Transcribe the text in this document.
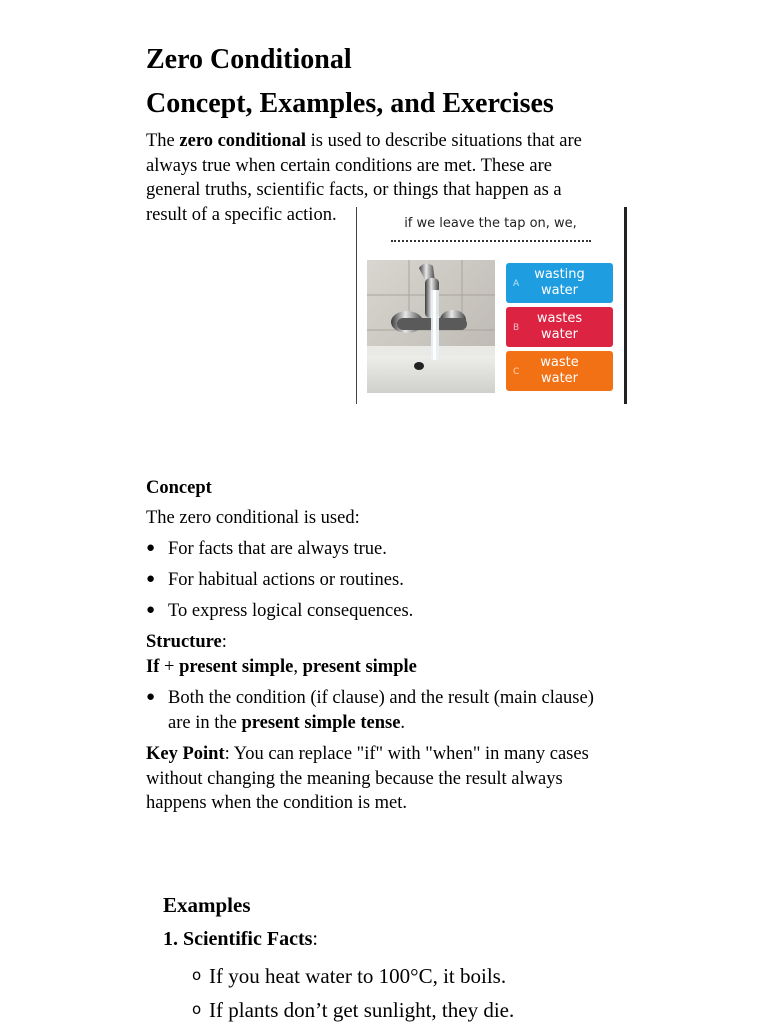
Zero Conditional
Concept, Examples, and Exercises
The zero conditional is used to describe situations that are
always true when certain conditions are met. These are
general truths, scientific facts, or things that happen as a
result of a specific action.	if we leave the tap on, we,
A
wasting water
B
wastes water
C
waste water
Concept
The zero conditional is used:
● For facts that are always true.
● For habitual actions or routines.
● To express logical consequences.
Structure:
If + present simple, present simple
● Both the condition (if clause) and the result (main clause)
are in the present simple tense.
Key Point: You can replace "if" with "when" in many cases
without changing the meaning because the result always
happens when the condition is met.
Examples
1. Scientific Facts:
o If you heat water to 100°C, it boils.
o If plants don’t get sunlight, they die.
